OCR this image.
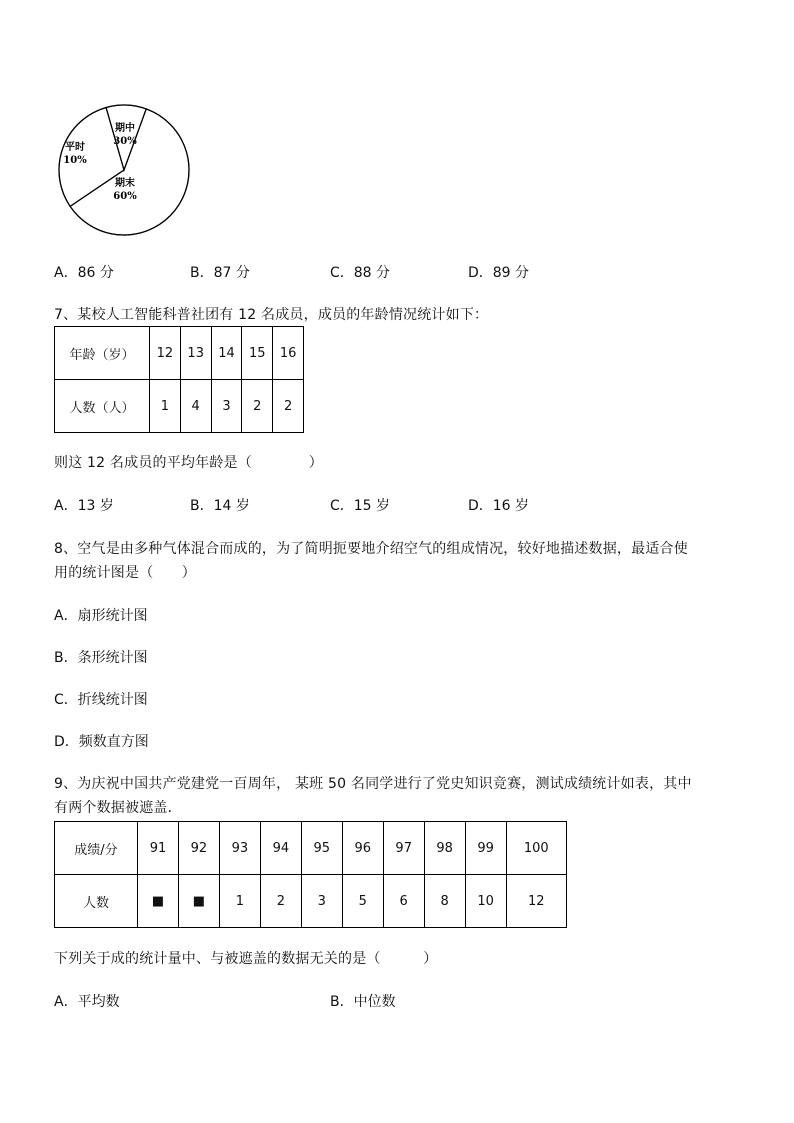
期中
30%
平时
10%
期末
60%
A．86 分	B．87 分	C．88 分	D．89 分
7、某校人工智能科普社团有 12 名成员，成员的年龄情况统计如下：
年龄（岁）	12	13	14	15	16
人数（人）	1	4	3	2	2
则这 12 名成员的平均年龄是（　　　　）
A．13 岁	B．14 岁	C．15 岁	D．16 岁
8、空气是由多种气体混合而成的，为了简明扼要地介绍空气的组成情况，较好地描述数据，最适合使
用的统计图是（　　）
A．扇形统计图
B．条形统计图
C．折线统计图
D．频数直方图
9、为庆祝中国共产党建党一百周年， 某班 50 名同学进行了党史知识竞赛，测试成绩统计如表，其中
有两个数据被遮盖．
成绩/分	91	92	93	94	95	96	97	98	99	100
人数	■	■	1	2	3	5	6	8	10	12
下列关于成的统计量中、与被遮盖的数据无关的是（　　　）
A．平均数	B．中位数
